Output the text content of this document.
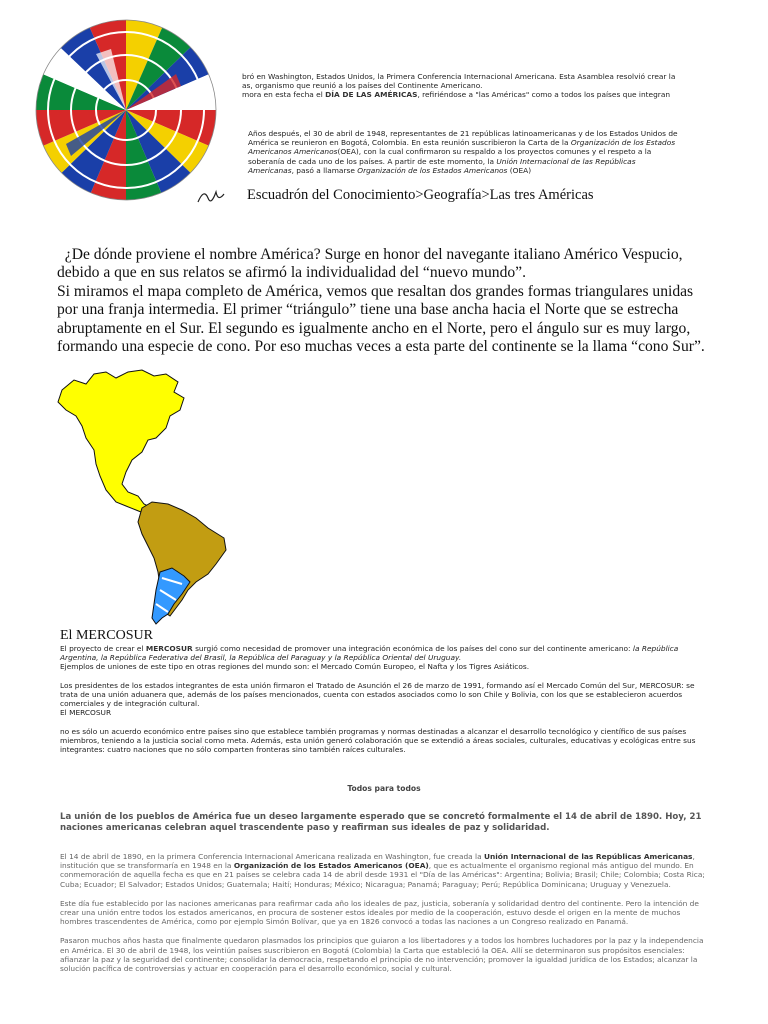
bró en Washington, Estados Unidos, la Primera Conferencia Internacional Americana. Esta Asamblea resolvió crear la
as, organismo que reunió a los países del Continente Americano.
mora en esta fecha el DÍA DE LAS AMÉRICAS, refiriéndose a "las Américas" como a todos los países que integran
Años después, el 30 de abril de 1948, representantes de 21 repúblicas latinoamericanas y de los Estados Unidos de América se reunieron en Bogotá, Colombia. En esta reunión suscribieron la Carta de la Organización de los Estados Americanos Americanos(OEA), con la cual confirmaron su respaldo a los proyectos comunes y el respeto a la soberanía de cada uno de los países. A partir de este momento, la Unión Internacional de las Repúblicas Americanas, pasó a llamarse Organización de los Estados Americanos (OEA)
Escuadrón del Conocimiento>Geografía>Las tres Américas

¿De dónde proviene el nombre América? Surge en honor del navegante italiano Américo Vespucio, debido a que en sus relatos se afirmó la individualidad del “nuevo mundo”.

Si miramos el mapa completo de América, vemos que resaltan dos grandes formas triangulares unidas por una franja intermedia. El primer “triángulo” tiene una base ancha hacia el Norte que se estrecha abruptamente en el Sur. El segundo es igualmente ancho en el Norte, pero el ángulo sur es muy largo, formando una especie de cono. Por eso muchas veces a esta parte del continente se la llama “cono Sur”.

El MERCOSUR

El proyecto de crear el MERCOSUR surgió como necesidad de promover una integración económica de los países del cono sur del continente americano: la República Argentina, la República Federativa del Brasil, la República del Paraguay y la República Oriental del Uruguay.

Ejemplos de uniones de este tipo en otras regiones del mundo son: el Mercado Común Europeo, el Nafta y los Tigres Asiáticos.

Los presidentes de los estados integrantes de esta unión firmaron el Tratado de Asunción el 26 de marzo de 1991, formando así el Mercado Común del Sur, MERCOSUR: se trata de una unión aduanera que, además de los países mencionados, cuenta con estados asociados como lo son Chile y Bolivia, con los que se establecieron acuerdos comerciales y de integración cultural.

El MERCOSUR

no es sólo un acuerdo económico entre países sino que establece también programas y normas destinadas a alcanzar el desarrollo tecnológico y científico de sus países miembros, teniendo a la justicia social como meta. Además, esta unión generó colaboración que se extendió a áreas sociales, culturales, educativas y ecológicas entre sus integrantes: cuatro naciones que no sólo comparten fronteras sino también raíces culturales.

Todos para todos
La unión de los pueblos de América fue un deseo largamente esperado que se concretó formalmente el 14 de abril de 1890. Hoy, 21 naciones americanas celebran aquel trascendente paso y reafirman sus ideales de paz y solidaridad.

El 14 de abril de 1890, en la primera Conferencia Internacional Americana realizada en Washington, fue creada la Unión Internacional de las Repúblicas Americanas, institución que se transformaría en 1948 en la Organización de los Estados Americanos (OEA), que es actualmente el organismo regional más antiguo del mundo. En conmemoración de aquella fecha es que en 21 países se celebra cada 14 de abril desde 1931 el "Día de las Américas": Argentina; Bolivia; Brasil; Chile; Colombia; Costa Rica; Cuba; Ecuador; El Salvador; Estados Unidos; Guatemala; Haití; Honduras; México; Nicaragua; Panamá; Paraguay; Perú; República Dominicana; Uruguay y Venezuela.

Este día fue establecido por las naciones americanas para reafirmar cada año los ideales de paz, justicia, soberanía y solidaridad dentro del continente. Pero la intención de crear una unión entre todos los estados americanos, en procura de sostener estos ideales por medio de la cooperación, estuvo desde el origen en la mente de muchos hombres trascendentes de América, como por ejemplo Simón Bolívar, que ya en 1826 convocó a todas las naciones a un Congreso realizado en Panamá.

Pasaron muchos años hasta que finalmente quedaron plasmados los principios que guiaron a los libertadores y a todos los hombres luchadores por la paz y la independencia en América. El 30 de abril de 1948, los veintiún países suscribieron en Bogotá (Colombia) la Carta que estableció la OEA. Allí se determinaron sus propósitos esenciales: afianzar la paz y la seguridad del continente; consolidar la democracia, respetando el principio de no intervención; promover la igualdad jurídica de los Estados; alcanzar la solución pacífica de controversias y actuar en cooperación para el desarrollo económico, social y cultural.
